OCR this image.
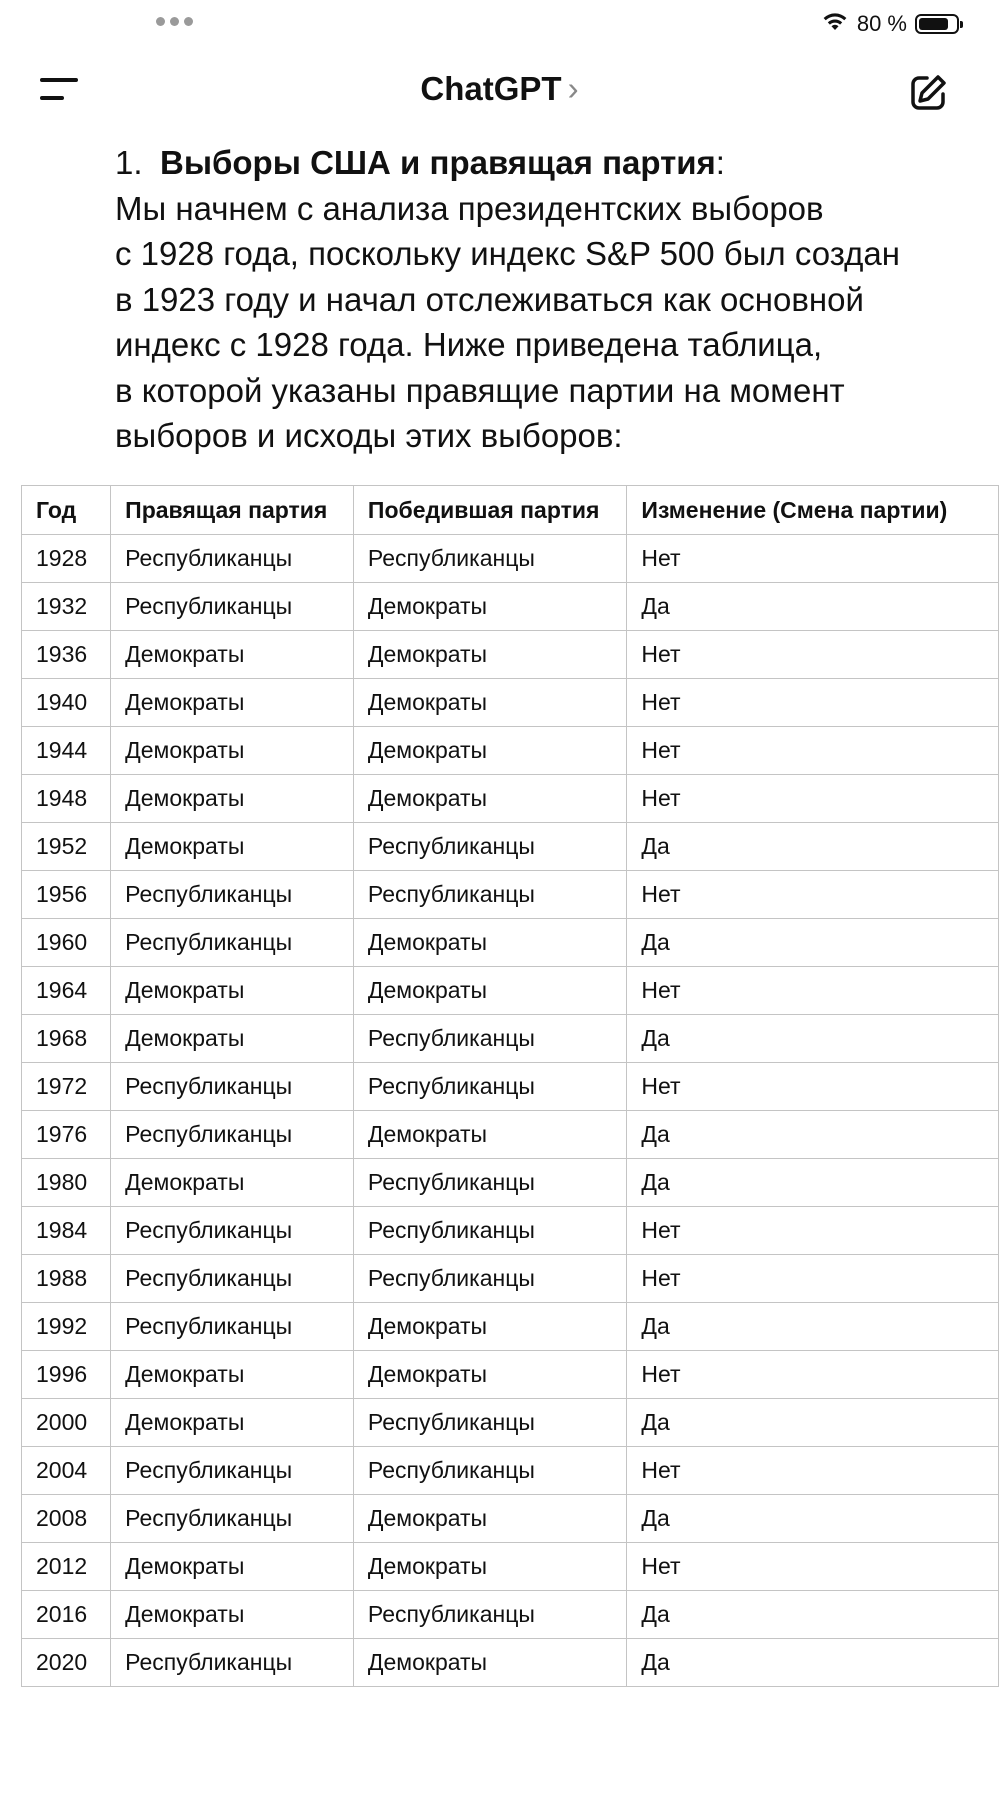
80 %
ChatGPT ›
1. Выборы США и правящая партия:
Мы начнем с анализа президентских выборов
с 1928 года, поскольку индекс S&P 500 был создан
в 1923 году и начал отслеживаться как основной
индекс с 1928 года. Ниже приведена таблица,
в которой указаны правящие партии на момент
выборов и исходы этих выборов:
Год	Правящая партия	Победившая партия	Изменение (Смена партии)
1928	Республиканцы	Республиканцы	Нет
1932	Республиканцы	Демократы	Да
1936	Демократы	Демократы	Нет
1940	Демократы	Демократы	Нет
1944	Демократы	Демократы	Нет
1948	Демократы	Демократы	Нет
1952	Демократы	Республиканцы	Да
1956	Республиканцы	Республиканцы	Нет
1960	Республиканцы	Демократы	Да
1964	Демократы	Демократы	Нет
1968	Демократы	Республиканцы	Да
1972	Республиканцы	Республиканцы	Нет
1976	Республиканцы	Демократы	Да
1980	Демократы	Республиканцы	Да
1984	Республиканцы	Республиканцы	Нет
1988	Республиканцы	Республиканцы	Нет
1992	Республиканцы	Демократы	Да
1996	Демократы	Демократы	Нет
2000	Демократы	Республиканцы	Да
2004	Республиканцы	Республиканцы	Нет
2008	Республиканцы	Демократы	Да
2012	Демократы	Демократы	Нет
2016	Демократы	Республиканцы	Да
2020	Республиканцы	Демократы	Да
